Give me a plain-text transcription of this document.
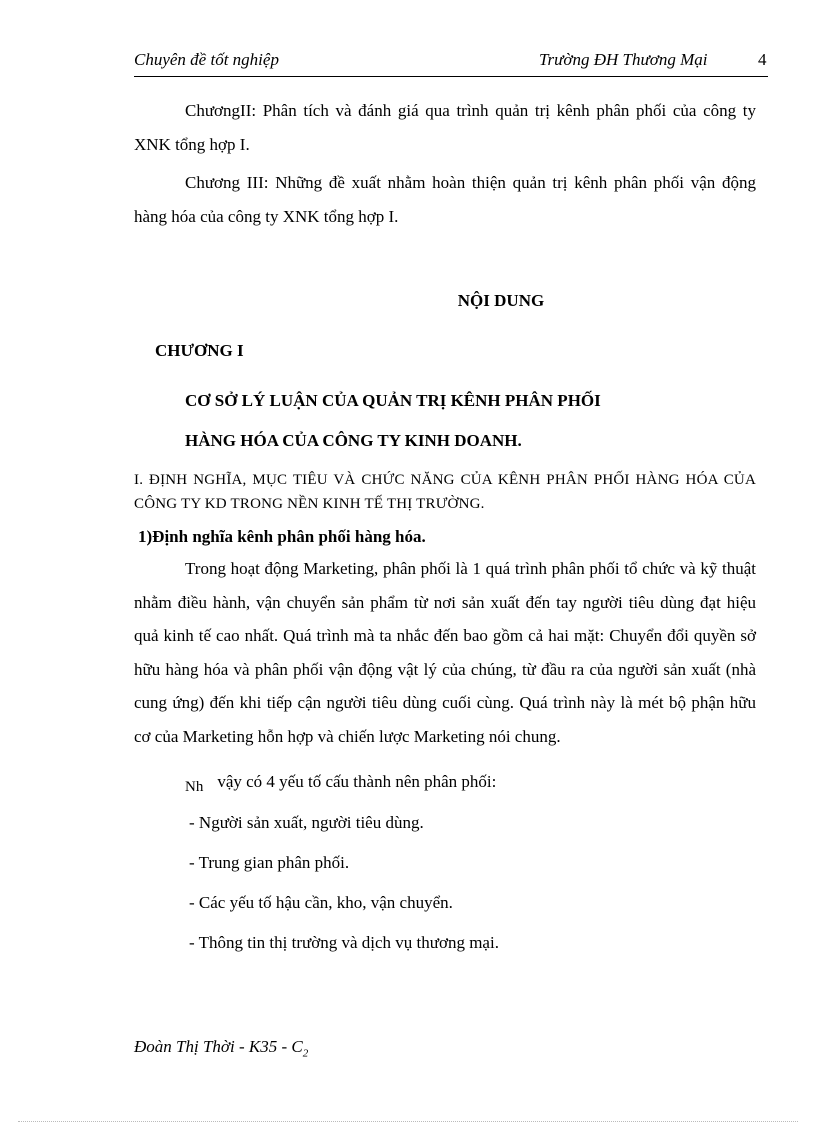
Chuyên đề tốt nghiệp	Trường ĐH Thương Mại	4

ChươngII: Phân tích và đánh giá qua trình quản trị kênh phân phối của công ty XNK tổng hợp I.

Chương III: Những đề xuất nhằm hoàn thiện quản trị kênh phân phối vận động hàng hóa của công ty XNK tổng hợp I.

NỘI DUNG
CHƯƠNG I
CƠ SỞ LÝ LUẬN CỦA QUẢN TRỊ KÊNH PHÂN PHỐI
HÀNG HÓA CỦA CÔNG TY KINH DOANH.
I. ĐỊNH NGHĨA, MỤC TIÊU VÀ CHỨC NĂNG CỦA KÊNH PHÂN PHỐI HÀNG HÓA CỦA CÔNG TY KD TRONG NỀN KINH TẾ THỊ TRƯỜNG.
1)Định nghĩa kênh phân phối hàng hóa.

Trong hoạt động Marketing, phân phối là 1 quá trình phân phối tổ chức và kỹ thuật nhằm điều hành, vận chuyển sản phẩm từ nơi sản xuất đến tay người tiêu dùng đạt hiệu quả kinh tế cao nhất. Quá trình mà ta nhắc đến bao gồm cả hai mặt: Chuyển đổi quyền sở hữu hàng hóa và phân phối vận động vật lý của chúng, từ đầu ra của người sản xuất (nhà cung ứng) đến khi tiếp cận người tiêu dùng cuối cùng. Quá trình này là mét bộ phận hữu cơ của Marketing hỗn hợp và chiến lược Marketing nói chung.

Nh vậy có 4 yếu tố cấu thành nên phân phối:
- Người sản xuất, người tiêu dùng.
- Trung gian phân phối.
- Các yếu tố hậu cần, kho, vận chuyển.
- Thông tin thị trường và dịch vụ thương mại.
Đoàn Thị Thời - $K35 - C_2$
